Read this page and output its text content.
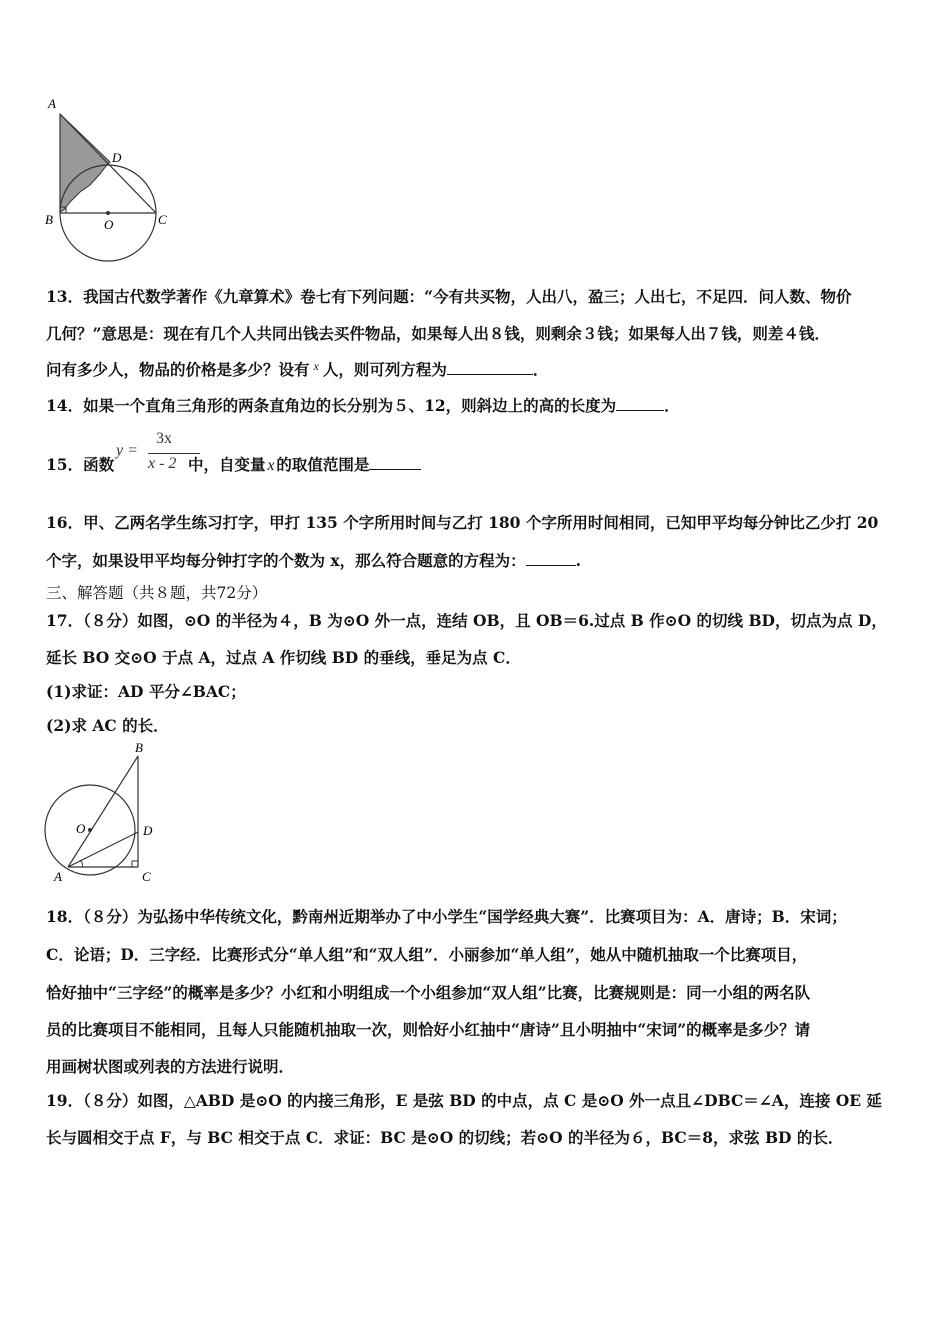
A
D
B	O	C
13．我国古代数学著作《九章算术》卷七有下列问题：“今有共买物，人出八，盈三；人出七，不足四．问人数、物价
几何？”意思是：现在有几个人共同出钱去买件物品，如果每人出８钱，则剩余３钱；如果每人出７钱，则差４钱．
问有多少人，物品的价格是多少？设有 $^x$ 人，则可列方程为	．
14．如果一个直角三角形的两条直角边的长分别为５、12，则斜边上的高的长度为	．
15．函数
y =
3x
x - 2 中，自变量 x 的取值范围是
16．甲、乙两名学生练习打字，甲打 135 个字所用时间与乙打 180 个字所用时间相同，已知甲平均每分钟比乙少打 20
个字，如果设甲平均每分钟打字的个数为 x，那么符合题意的方程为：	.
三、解答题（共８题，共72分）
17．（８分）如图，⊙O 的半径为４，B 为⊙O 外一点，连结 OB，且 OB＝6.过点 B 作⊙O 的切线 BD，切点为点 D，
延长 BO 交⊙O 于点 A，过点 A 作切线 BD 的垂线，垂足为点 C．
(1)求证：AD 平分∠BAC；
(2)求 AC 的长．
B
O	D
A	C
18．（８分）为弘扬中华传统文化，黔南州近期举办了中小学生“国学经典大赛”．比赛项目为：A．唐诗；B．宋词；
C．论语；D．三字经．比赛形式分“单人组”和“双人组”．小丽参加“单人组”，她从中随机抽取一个比赛项目，
恰好抽中“三字经”的概率是多少？小红和小明组成一个小组参加“双人组”比赛，比赛规则是：同一小组的两名队
员的比赛项目不能相同，且每人只能随机抽取一次，则恰好小红抽中“唐诗”且小明抽中“宋词”的概率是多少？请
用画树状图或列表的方法进行说明．
19．（８分）如图，△ABD 是⊙O 的内接三角形，E 是弦 BD 的中点，点 C 是⊙O 外一点且∠DBC＝∠A，连接 OE 延
长与圆相交于点 F，与 BC 相交于点 C．求证：BC 是⊙O 的切线；若⊙O 的半径为６，BC＝8，求弦 BD 的长．
